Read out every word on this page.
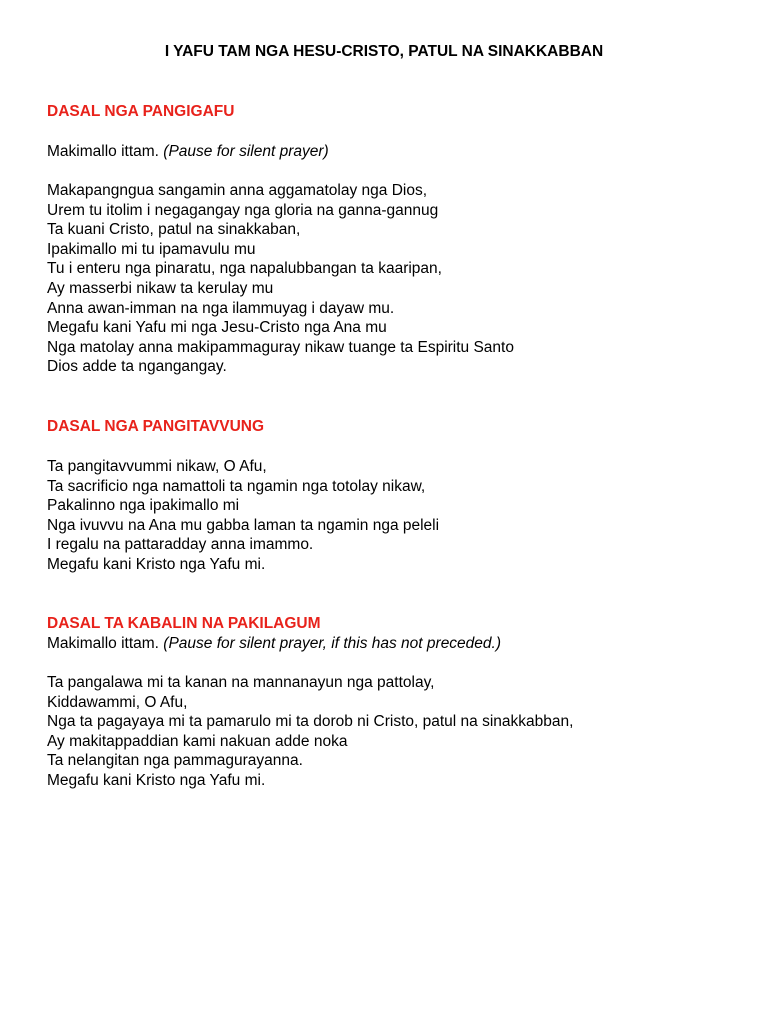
I YAFU TAM NGA HESU-CRISTO, PATUL NA SINAKKABBAN

DASAL NGA PANGIGAFU

Makimallo ittam. (Pause for silent prayer)

Makapangngua sangamin anna aggamatolay nga Dios,

Urem tu itolim i negagangay nga gloria na ganna-gannug

Ta kuani Cristo, patul na sinakkaban,

Ipakimallo mi tu ipamavulu mu

Tu i enteru nga pinaratu, nga napalubbangan ta kaaripan,

Ay masserbi nikaw ta kerulay mu

Anna awan-imman na nga ilammuyag i dayaw mu.

Megafu kani Yafu mi nga Jesu-Cristo nga Ana mu

Nga matolay anna makipammaguray nikaw tuange ta Espiritu Santo

Dios adde ta ngangangay.

DASAL NGA PANGITAVVUNG

Ta pangitavvummi nikaw, O Afu,

Ta sacrificio nga namattoli ta ngamin nga totolay nikaw,

Pakalinno nga ipakimallo mi

Nga ivuvvu na Ana mu gabba laman ta ngamin nga peleli

I regalu na pattaradday anna imammo.

Megafu kani Kristo nga Yafu mi.

DASAL TA KABALIN NA PAKILAGUM

Makimallo ittam. (Pause for silent prayer, if this has not preceded.)

Ta pangalawa mi ta kanan na mannanayun nga pattolay,

Kiddawammi, O Afu,

Nga ta pagayaya mi ta pamarulo mi ta dorob ni Cristo, patul na sinakkabban,

Ay makitappaddian kami nakuan adde noka

Ta nelangitan nga pammagurayanna.

Megafu kani Kristo nga Yafu mi.
